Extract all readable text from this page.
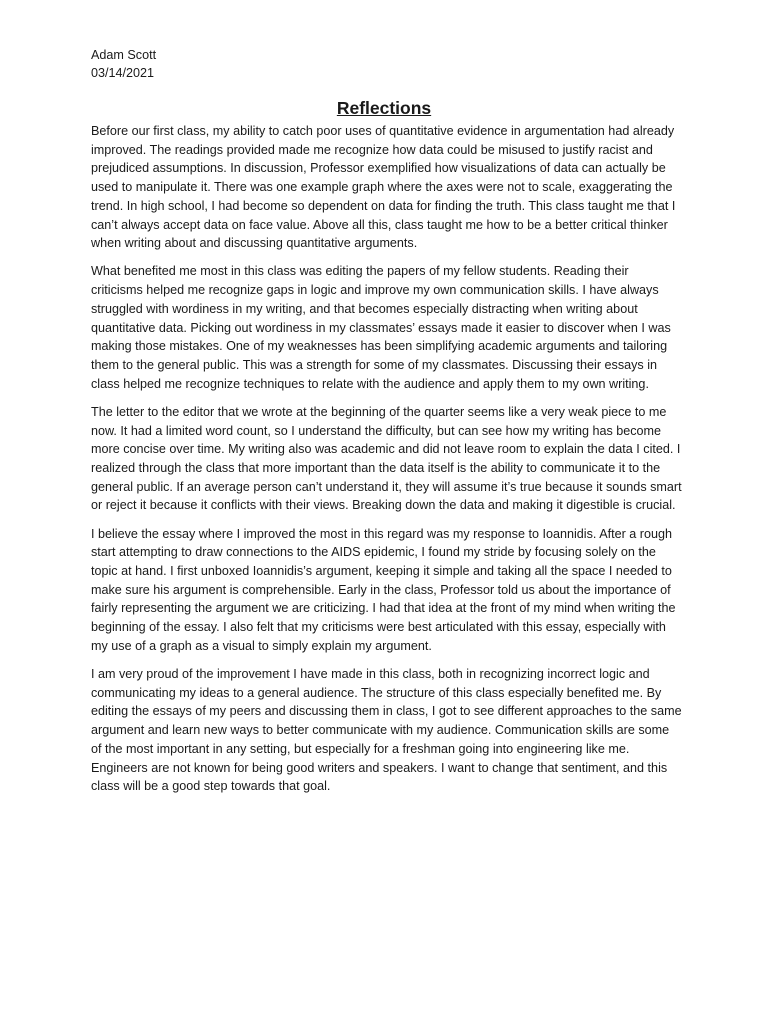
Adam Scott
03/14/2021
Reflections

Before our first class, my ability to catch poor uses of quantitative evidence in argumentation had already improved. The readings provided made me recognize how data could be misused to justify racist and prejudiced assumptions. In discussion, Professor exemplified how visualizations of data can actually be used to manipulate it. There was one example graph where the axes were not to scale, exaggerating the trend. In high school, I had become so dependent on data for finding the truth. This class taught me that I can’t always accept data on face value. Above all this, class taught me how to be a better critical thinker when writing about and discussing quantitative arguments.

What benefited me most in this class was editing the papers of my fellow students. Reading their criticisms helped me recognize gaps in logic and improve my own communication skills. I have always struggled with wordiness in my writing, and that becomes especially distracting when writing about quantitative data. Picking out wordiness in my classmates’ essays made it easier to discover when I was making those mistakes. One of my weaknesses has been simplifying academic arguments and tailoring them to the general public. This was a strength for some of my classmates. Discussing their essays in class helped me recognize techniques to relate with the audience and apply them to my own writing.

The letter to the editor that we wrote at the beginning of the quarter seems like a very weak piece to me now. It had a limited word count, so I understand the difficulty, but can see how my writing has become more concise over time. My writing also was academic and did not leave room to explain the data I cited. I realized through the class that more important than the data itself is the ability to communicate it to the general public. If an average person can’t understand it, they will assume it’s true because it sounds smart or reject it because it conflicts with their views. Breaking down the data and making it digestible is crucial.

I believe the essay where I improved the most in this regard was my response to Ioannidis. After a rough start attempting to draw connections to the AIDS epidemic, I found my stride by focusing solely on the topic at hand. I first unboxed Ioannidis’s argument, keeping it simple and taking all the space I needed to make sure his argument is comprehensible. Early in the class, Professor told us about the importance of fairly representing the argument we are criticizing. I had that idea at the front of my mind when writing the beginning of the essay. I also felt that my criticisms were best articulated with this essay, especially with my use of a graph as a visual to simply explain my argument.

I am very proud of the improvement I have made in this class, both in recognizing incorrect logic and communicating my ideas to a general audience. The structure of this class especially benefited me. By editing the essays of my peers and discussing them in class, I got to see different approaches to the same argument and learn new ways to better communicate with my audience. Communication skills are some of the most important in any setting, but especially for a freshman going into engineering like me. Engineers are not known for being good writers and speakers. I want to change that sentiment, and this class will be a good step towards that goal.
